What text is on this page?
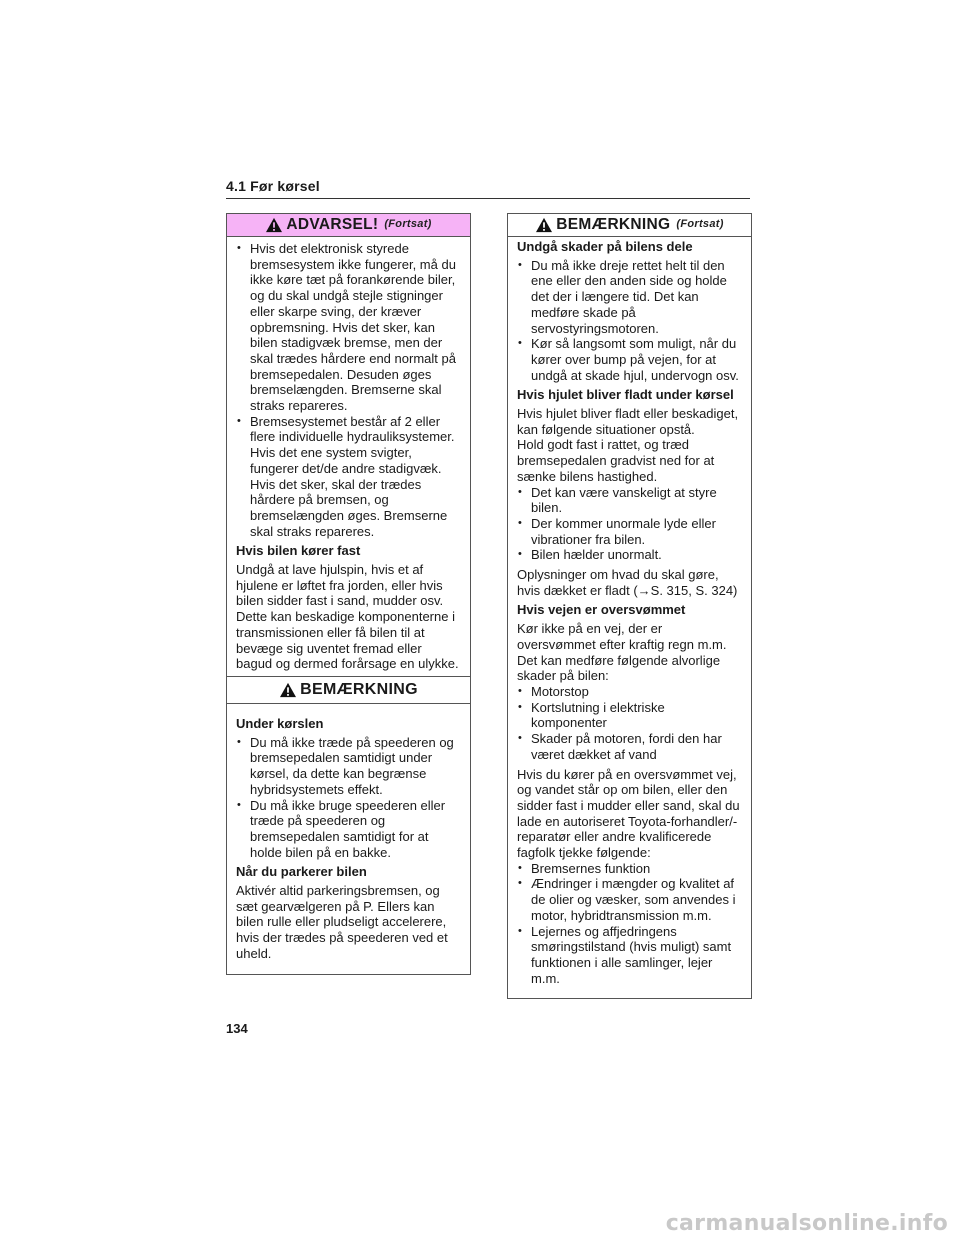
4.1 Før kørsel
ADVARSEL! (Fortsat)
• Hvis det elektronisk styrede bremsesystem ikke fungerer, må du ikke køre tæt på forankørende biler, og du skal undgå stejle stigninger eller skarpe sving, der kræver opbremsning. Hvis det sker, kan bilen stadigvæk bremse, men der skal trædes hårdere end normalt på bremsepedalen. Desuden øges bremselængden. Bremserne skal straks repareres.
• Bremsesystemet består af 2 eller flere individuelle hydrauliksystemer. Hvis det ene system svigter, fungerer det/de andre stadigvæk. Hvis det sker, skal der trædes hårdere på bremsen, og bremselængden øges. Bremserne skal straks repareres.
Hvis bilen kører fast

Undgå at lave hjulspin, hvis et af hjulene er løftet fra jorden, eller hvis bilen sidder fast i sand, mudder osv. Dette kan beskadige komponenterne i transmissionen eller få bilen til at bevæge sig uventet fremad eller bagud og dermed forårsage en ulykke.

BEMÆRKNING
Under kørslen
• Du må ikke træde på speederen og bremsepedalen samtidigt under kørsel, da dette kan begrænse hybridsystemets effekt.
• Du må ikke bruge speederen eller træde på speederen og bremsepedalen samtidigt for at holde bilen på en bakke.
Når du parkerer bilen

Aktivér altid parkeringsbremsen, og sæt gearvælgeren på P. Ellers kan bilen rulle eller pludseligt accelerere, hvis der trædes på speederen ved et uheld.

BEMÆRKNING (Fortsat)
Undgå skader på bilens dele
• Du må ikke dreje rettet helt til den ene eller den anden side og holde det der i længere tid. Det kan medføre skade på servostyringsmotoren.
• Kør så langsomt som muligt, når du kører over bump på vejen, for at undgå at skade hjul, undervogn osv.
Hvis hjulet bliver fladt under kørsel

Hvis hjulet bliver fladt eller beskadiget, kan følgende situationer opstå.

Hold godt fast i rattet, og træd bremsepedalen gradvist ned for at sænke bilens hastighed.

• Det kan være vanskeligt at styre bilen.
• Der kommer unormale lyde eller vibrationer fra bilen.
• Bilen hælder unormalt.

Oplysninger om hvad du skal gøre, hvis dækket er fladt (→S. 315, S. 324)

Hvis vejen er oversvømmet

Kør ikke på en vej, der er oversvømmet efter kraftig regn m.m. Det kan medføre følgende alvorlige skader på bilen:

• Motorstop
• Kortslutning i elektriske komponenter
• Skader på motoren, fordi den har været dækket af vand

Hvis du kører på en oversvømmet vej, og vandet står op om bilen, eller den sidder fast i mudder eller sand, skal du lade en autoriseret Toyota-forhandler/-reparatør eller andre kvalificerede fagfolk tjekke følgende:

• Bremsernes funktion
• Ændringer i mængder og kvalitet af de olier og væsker, som anvendes i motor, hybridtransmission m.m.
• Lejernes og affjedringens smøringstilstand (hvis muligt) samt funktionen i alle samlinger, lejer m.m.
134
carmanualsonline.info
